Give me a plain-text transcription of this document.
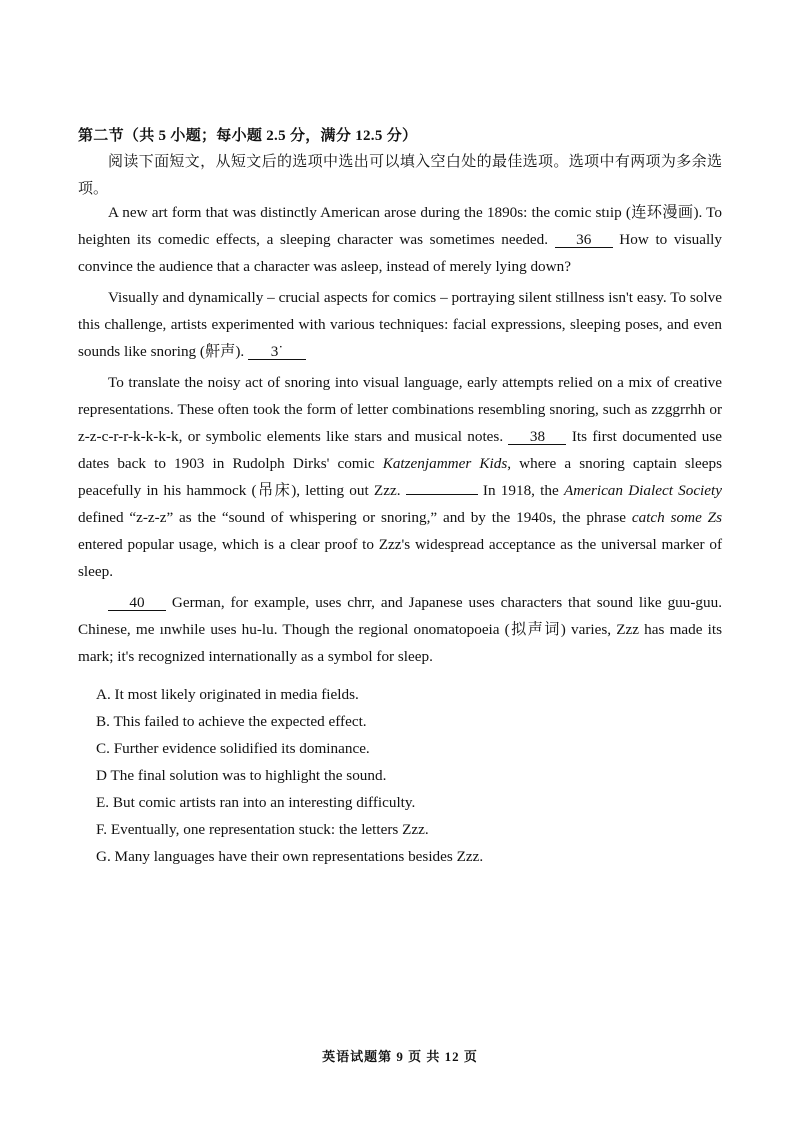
第二节（共 5 小题；每小题 2.5 分，满分 12.5 分）
阅读下面短文，从短文后的选项中选出可以填入空白处的最佳选项。选项中有两项为多余选项。

A new art form that was distinctly American arose during the 1890s: the comic stıip (连环漫画). To heighten its comedic effects, a sleeping character was sometimes needed. 36 How to visually convince the audience that a character was asleep, instead of merely lying down?

Visually and dynamically – crucial aspects for comics – portraying silent stillness isn't easy. To solve this challenge, artists experimented with various techniques: facial expressions, sleeping poses, and even sounds like snoring (鼾声). 3˙

To translate the noisy act of snoring into visual language, early attempts relied on a mix of creative representations. These often took the form of letter combinations resembling snoring, such as zzggrrhh or z-z-c-r-r-k-k-k-k, or symbolic elements like stars and musical notes. 38 Its first documented use dates back to 1903 in Rudolph Dirks' comic Katzenjammer Kids, where a snoring captain sleeps peacefully in his hammock (吊床), letting out Zzz.	In 1918, the American Dialect Society defined “z-z-z” as the “sound of whispering or snoring,” and by the 1940s, the phrase catch some Zs entered popular usage, which is a clear proof to Zzz's widespread acceptance as the universal marker of sleep.

40 German, for example, uses chrr, and Japanese uses characters that sound like guu-guu. Chinese, me ınwhile uses hu-lu. Though the regional onomatopoeia (拟声词) varies, Zzz has made its mark; it's recognized internationally as a symbol for sleep.

A. It most likely originated in media fields.
B. This failed to achieve the expected effect.
C. Further evidence solidified its dominance.
D The final solution was to highlight the sound.
E. But comic artists ran into an interesting difficulty.
F. Eventually, one representation stuck: the letters Zzz.
G. Many languages have their own representations besides Zzz.
英语试题第 9 页 共 12 页
